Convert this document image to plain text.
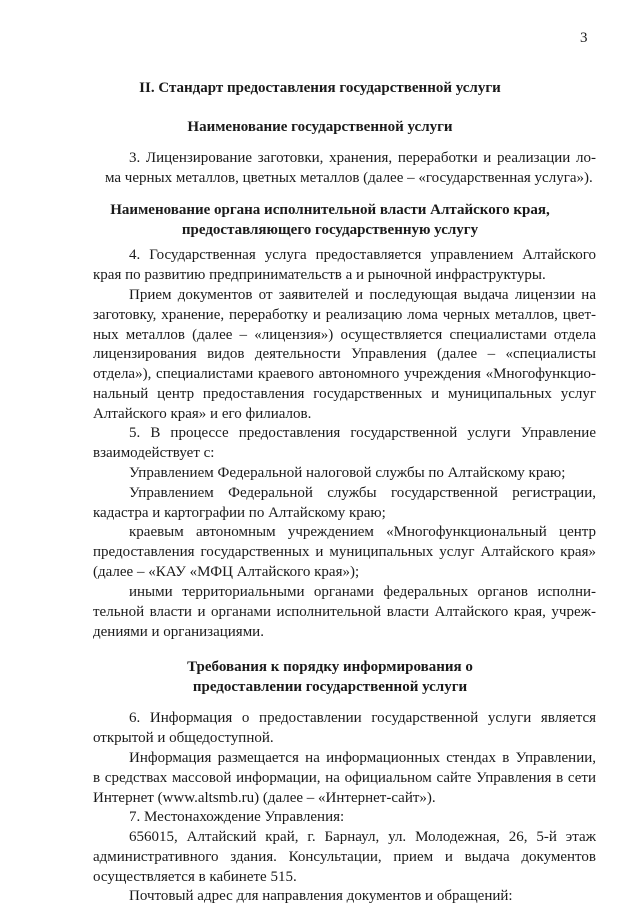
3
II. Стандарт предоставления государственной услуги
Наименование государственной услуги
3. Лицензирование заготовки, хранения, переработки и реализации ло-
ма черных металлов, цветных металлов (далее – «государственная услуга»).
Наименование органа исполнительной власти Алтайского края,
предоставляющего государственную услугу
4. Государственная услуга предоставляется управлением Алтайского
края по развитию предпринимательств а и рыночной инфраструктуры.
Прием документов от заявителей и последующая выдача лицензии на
заготовку, хранение, переработку и реализацию лома черных металлов, цвет-
ных металлов (далее – «лицензия») осуществляется специалистами отдела
лицензирования видов деятельности Управления (далее – «специалисты
отдела»), специалистами краевого автономного учреждения «Многофункцио-
нальный центр предоставления государственных и муниципальных услуг
Алтайского края» и его филиалов.
5. В процессе предоставления государственной услуги Управление
взаимодействует с:
Управлением Федеральной налоговой службы по Алтайскому краю;
Управлением Федеральной службы государственной регистрации,
кадастра и картографии по Алтайскому краю;
краевым автономным учреждением «Многофункциональный центр
предоставления государственных и муниципальных услуг Алтайского края»
(далее – «КАУ «МФЦ Алтайского края»);
иными территориальными органами федеральных органов исполни-
тельной власти и органами исполнительной власти Алтайского края, учреж-
дениями и организациями.
Требования к порядку информирования о
предоставлении государственной услуги
6. Информация о предоставлении государственной услуги является
открытой и общедоступной.
Информация размещается на информационных стендах в Управлении,
в средствах массовой информации, на официальном сайте Управления в сети
Интернет (www.altsmb.ru) (далее – «Интернет-сайт»).
7. Местонахождение Управления:
656015, Алтайский край, г. Барнаул, ул. Молодежная, 26, 5-й этаж
административного здания. Консультации, прием и выдача документов
осуществляется в кабинете 515.
Почтовый адрес для направления документов и обращений:
